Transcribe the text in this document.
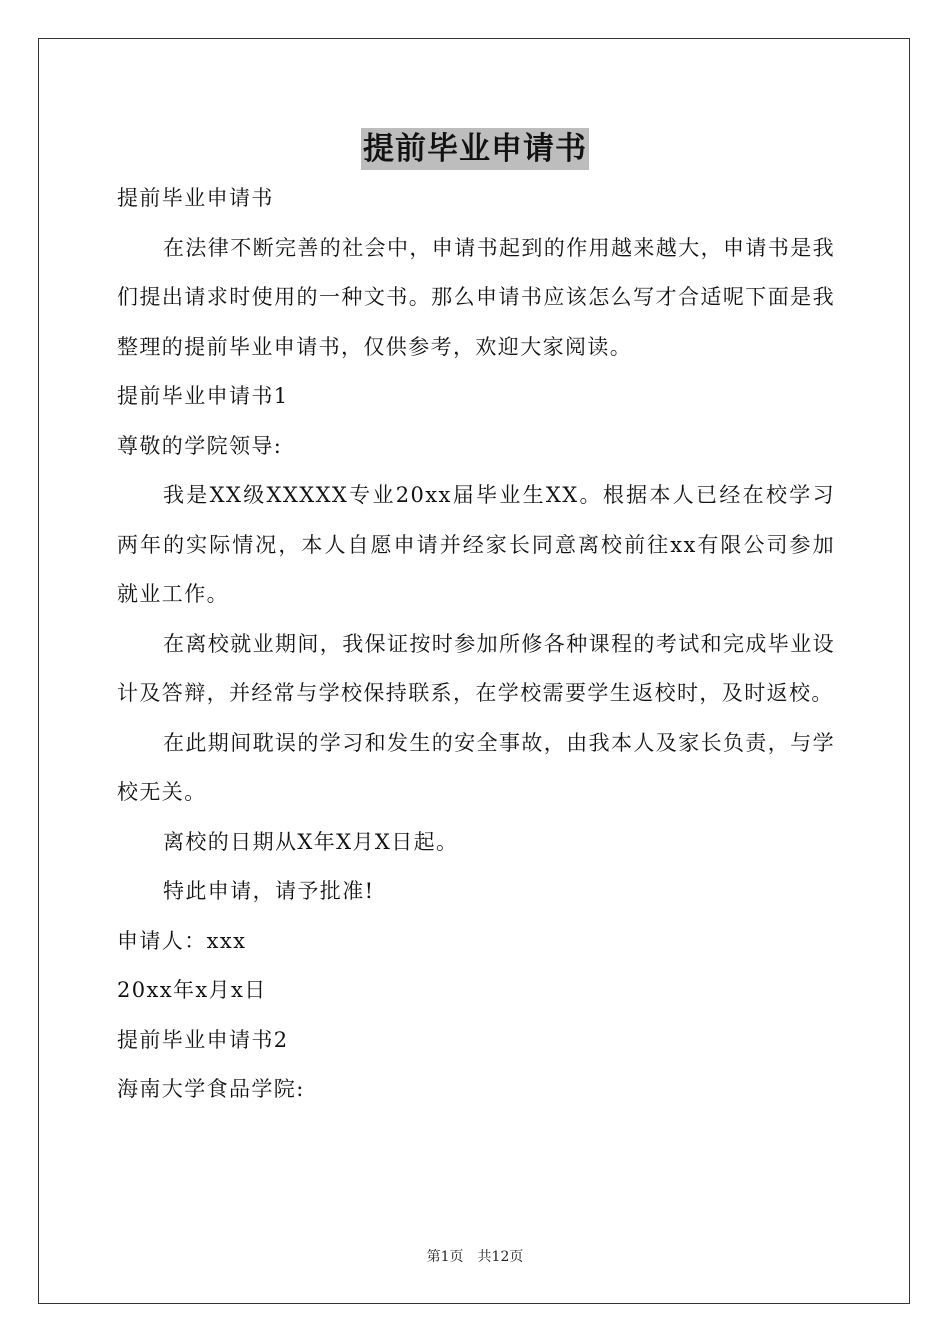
提前毕业申请书

提前毕业申请书

在法律不断完善的社会中，申请书起到的作用越来越大，申请书是我们提出请求时使用的一种文书。那么申请书应该怎么写才合适呢下面是我整理的提前毕业申请书，仅供参考，欢迎大家阅读。

提前毕业申请书1

尊敬的学院领导:

我是XX级XXXXX专业20xx届毕业生XX。根据本人已经在校学习两年的实际情况，本人自愿申请并经家长同意离校前往xx有限公司参加就业工作。

在离校就业期间，我保证按时参加所修各种课程的考试和完成毕业设计及答辩，并经常与学校保持联系，在学校需要学生返校时，及时返校。

在此期间耽误的学习和发生的安全事故，由我本人及家长负责，与学校无关。

离校的日期从X年X月X日起。

特此申请，请予批准!

申请人：xxx

20xx年x月x日

提前毕业申请书2

海南大学食品学院:

第1页 共12页
